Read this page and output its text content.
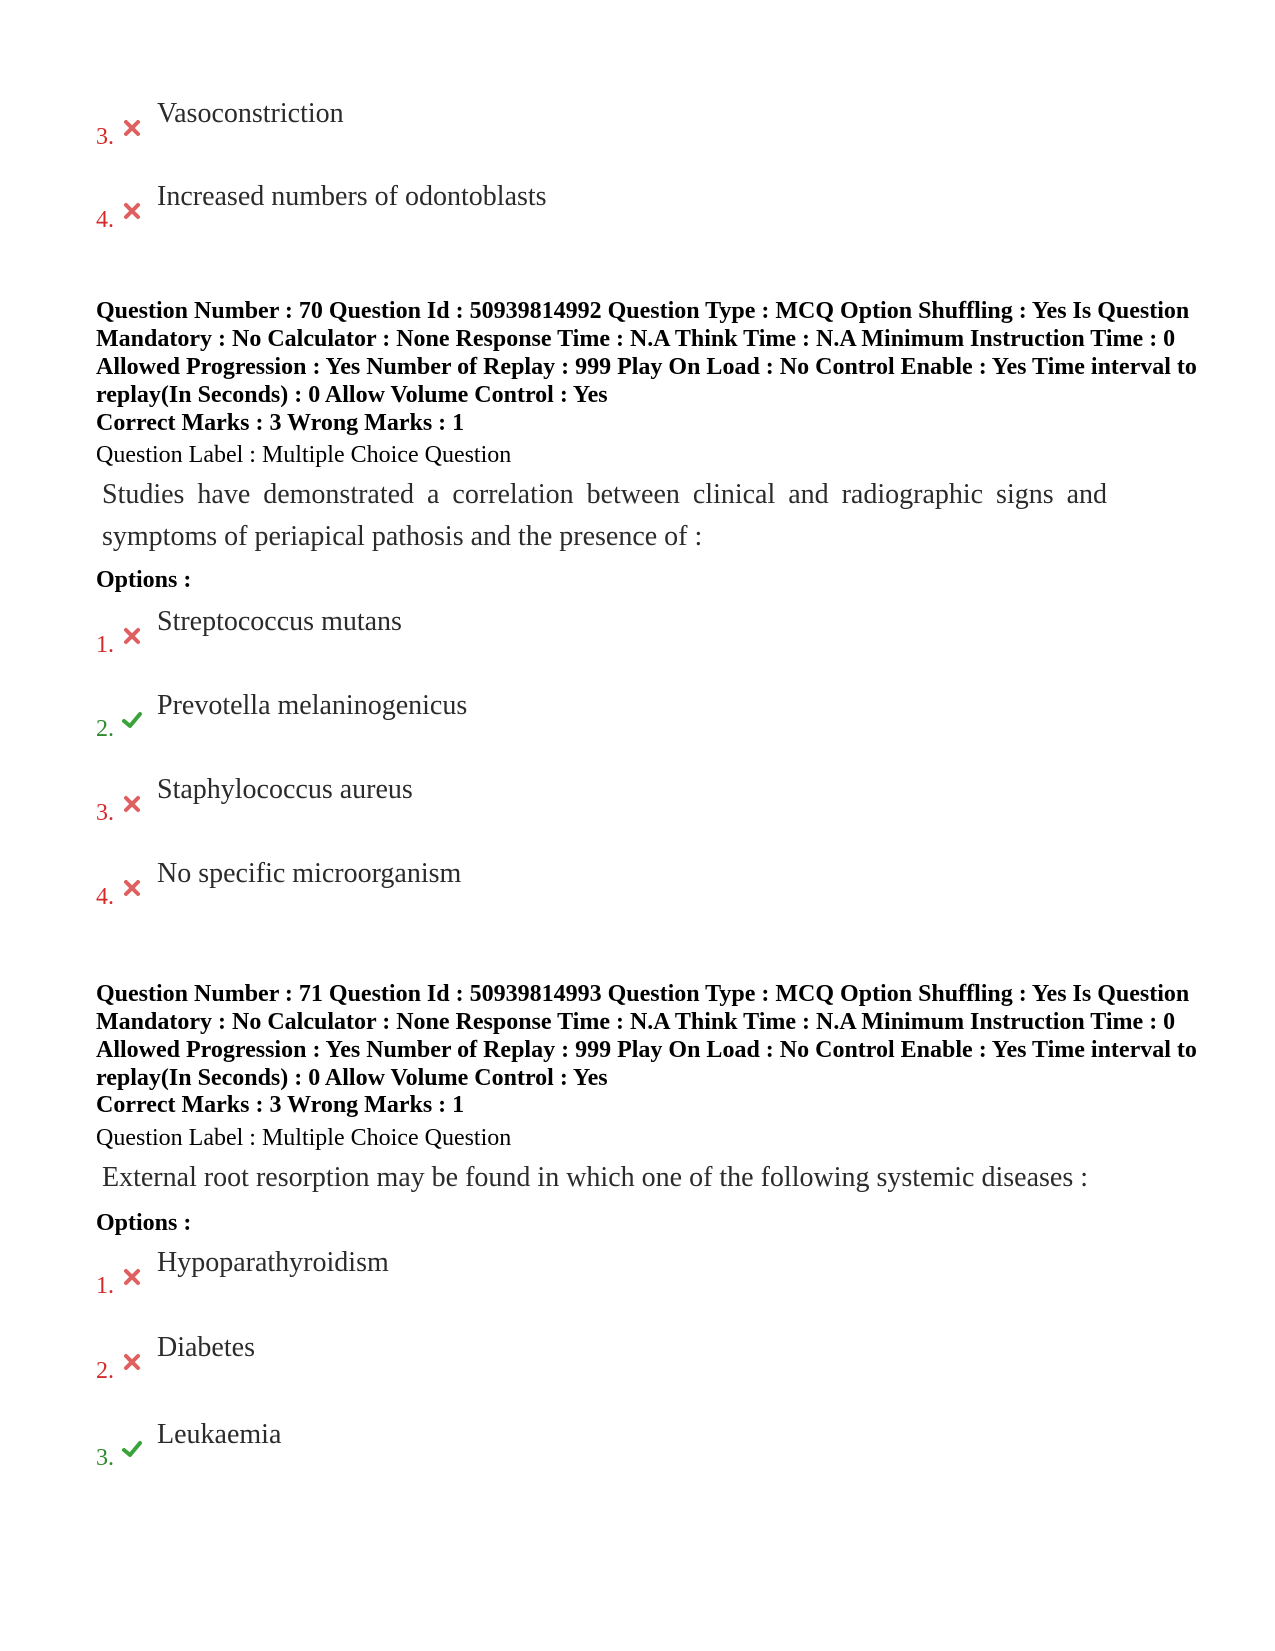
3.
Vasoconstriction
4.
Increased numbers of odontoblasts
Question Number : 70 Question Id : 50939814992 Question Type : MCQ Option Shuffling : Yes Is Question Mandatory : No Calculator : None Response Time : N.A Think Time : N.A Minimum Instruction Time : 0 Allowed Progression : Yes Number of Replay : 999 Play On Load : No Control Enable : Yes Time interval to replay(In Seconds) : 0 Allow Volume Control : Yes
Correct Marks : 3 Wrong Marks : 1
Question Label : Multiple Choice Question
Studies have demonstrated a correlation between clinical and radiographic signs and symptoms of periapical pathosis and the presence of :
Options :
1.
Streptococcus mutans
2.
Prevotella melaninogenicus
3.
Staphylococcus aureus
4.
No specific microorganism
Question Number : 71 Question Id : 50939814993 Question Type : MCQ Option Shuffling : Yes Is Question Mandatory : No Calculator : None Response Time : N.A Think Time : N.A Minimum Instruction Time : 0 Allowed Progression : Yes Number of Replay : 999 Play On Load : No Control Enable : Yes Time interval to replay(In Seconds) : 0 Allow Volume Control : Yes
Correct Marks : 3 Wrong Marks : 1
Question Label : Multiple Choice Question
External root resorption may be found in which one of the following systemic diseases :
Options :
1.
Hypoparathyroidism
2.
Diabetes
3.
Leukaemia
